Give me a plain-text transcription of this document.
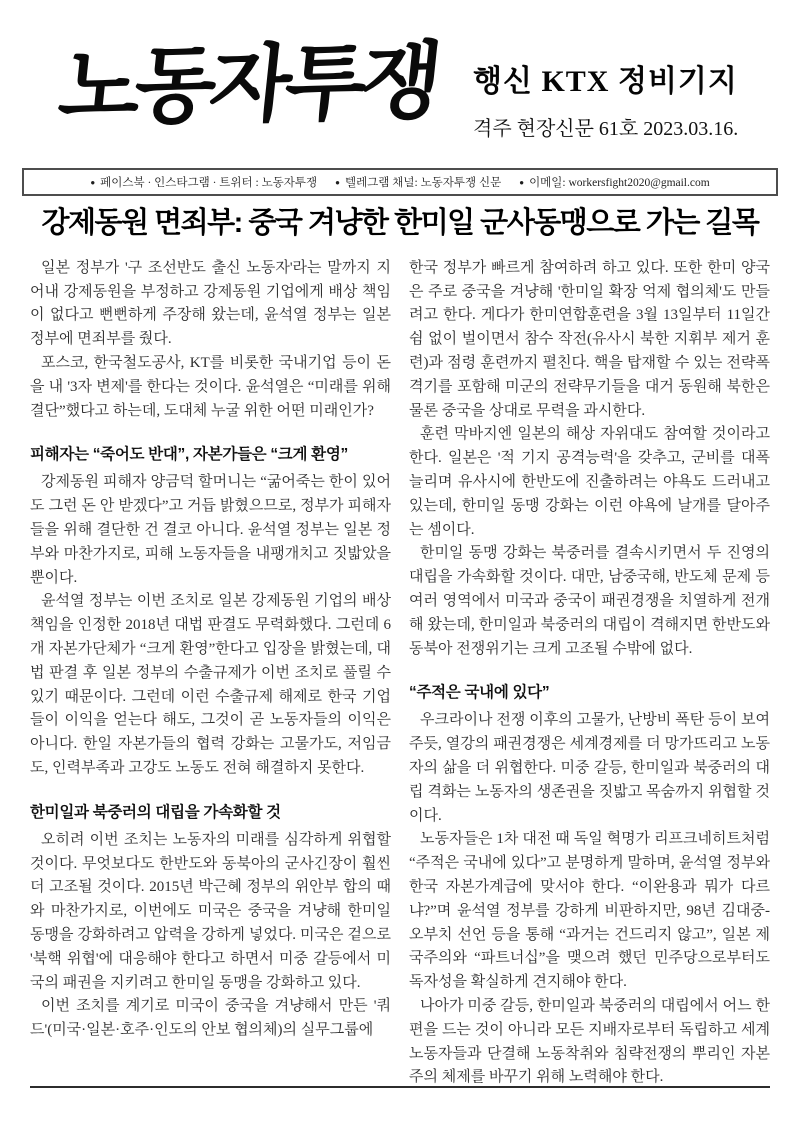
노동자투쟁	행신 KTX 정비기지
격주 현장신문 61호 2023.03.16.
● 페이스북 · 인스타그램 · 트위터 : 노동자투쟁 ● 텔레그램 채널: 노동자투쟁 신문 ● 이메일: workersfight2020@gmail.com
강제동원 면죄부: 중국 겨냥한 한미일 군사동맹으로 가는 길목

일본 정부가 '구 조선반도 출신 노동자'라는 말까지 지어내 강제동원을 부정하고 강제동원 기업에게 배상 책임이 없다고 뻔뻔하게 주장해 왔는데, 윤석열 정부는 일본 정부에 면죄부를 줬다.

포스코, 한국철도공사, KT를 비롯한 국내기업 등이 돈을 내 '3자 변제'를 한다는 것이다. 윤석열은 “미래를 위해 결단”했다고 하는데, 도대체 누굴 위한 어떤 미래인가?

피해자는 “죽어도 반대”, 자본가들은 “크게 환영”

강제동원 피해자 양금덕 할머니는 “굶어죽는 한이 있어도 그런 돈 안 받겠다”고 거듭 밝혔으므로, 정부가 피해자들을 위해 결단한 건 결코 아니다. 윤석열 정부는 일본 정부와 마찬가지로, 피해 노동자들을 내팽개치고 짓밟았을 뿐이다.

윤석열 정부는 이번 조치로 일본 강제동원 기업의 배상 책임을 인정한 2018년 대법 판결도 무력화했다. 그런데 6개 자본가단체가 “크게 환영”한다고 입장을 밝혔는데, 대법 판결 후 일본 정부의 수출규제가 이번 조치로 풀릴 수 있기 때문이다. 그런데 이런 수출규제 해제로 한국 기업들이 이익을 얻는다 해도, 그것이 곧 노동자들의 이익은 아니다. 한일 자본가들의 협력 강화는 고물가도, 저임금도, 인력부족과 고강도 노동도 전혀 해결하지 못한다.

한미일과 북중러의 대립을 가속화할 것

오히려 이번 조치는 노동자의 미래를 심각하게 위협할 것이다. 무엇보다도 한반도와 동북아의 군사긴장이 훨씬 더 고조될 것이다. 2015년 박근혜 정부의 위안부 합의 때와 마찬가지로, 이번에도 미국은 중국을 겨냥해 한미일 동맹을 강화하려고 압력을 강하게 넣었다. 미국은 겉으로 '북핵 위협'에 대응해야 한다고 하면서 미중 갈등에서 미국의 패권을 지키려고 한미일 동맹을 강화하고 있다.

이번 조치를 계기로 미국이 중국을 겨냥해서 만든 '쿼드'(미국·일본·호주·인도의 안보 협의체)의 실무그룹에

한국 정부가 빠르게 참여하려 하고 있다. 또한 한미 양국은 주로 중국을 겨냥해 '한미일 확장 억제 협의체'도 만들려고 한다. 게다가 한미연합훈련을 3월 13일부터 11일간 쉼 없이 벌이면서 참수 작전(유사시 북한 지휘부 제거 훈련)과 점령 훈련까지 펼친다. 핵을 탑재할 수 있는 전략폭격기를 포함해 미군의 전략무기들을 대거 동원해 북한은 물론 중국을 상대로 무력을 과시한다.

훈련 막바지엔 일본의 해상 자위대도 참여할 것이라고 한다. 일본은 '적 기지 공격능력'을 갖추고, 군비를 대폭 늘리며 유사시에 한반도에 진출하려는 야욕도 드러내고 있는데, 한미일 동맹 강화는 이런 야욕에 날개를 달아주는 셈이다.

한미일 동맹 강화는 북중러를 결속시키면서 두 진영의 대립을 가속화할 것이다. 대만, 남중국해, 반도체 문제 등 여러 영역에서 미국과 중국이 패권경쟁을 치열하게 전개해 왔는데, 한미일과 북중러의 대립이 격해지면 한반도와 동북아 전쟁위기는 크게 고조될 수밖에 없다.

“주적은 국내에 있다”

우크라이나 전쟁 이후의 고물가, 난방비 폭탄 등이 보여주듯, 열강의 패권경쟁은 세계경제를 더 망가뜨리고 노동자의 삶을 더 위협한다. 미중 갈등, 한미일과 북중러의 대립 격화는 노동자의 생존권을 짓밟고 목숨까지 위협할 것이다.

노동자들은 1차 대전 때 독일 혁명가 리프크네히트처럼 “주적은 국내에 있다”고 분명하게 말하며, 윤석열 정부와 한국 자본가계급에 맞서야 한다. “이완용과 뭐가 다르냐?”며 윤석열 정부를 강하게 비판하지만, 98년 김대중-오부치 선언 등을 통해 “과거는 건드리지 않고”, 일본 제국주의와 “파트너십”을 맺으려 했던 민주당으로부터도 독자성을 확실하게 견지해야 한다.

나아가 미중 갈등, 한미일과 북중러의 대립에서 어느 한편을 드는 것이 아니라 모든 지배자로부터 독립하고 세계 노동자들과 단결해 노동착취와 침략전쟁의 뿌리인 자본주의 체제를 바꾸기 위해 노력해야 한다.
